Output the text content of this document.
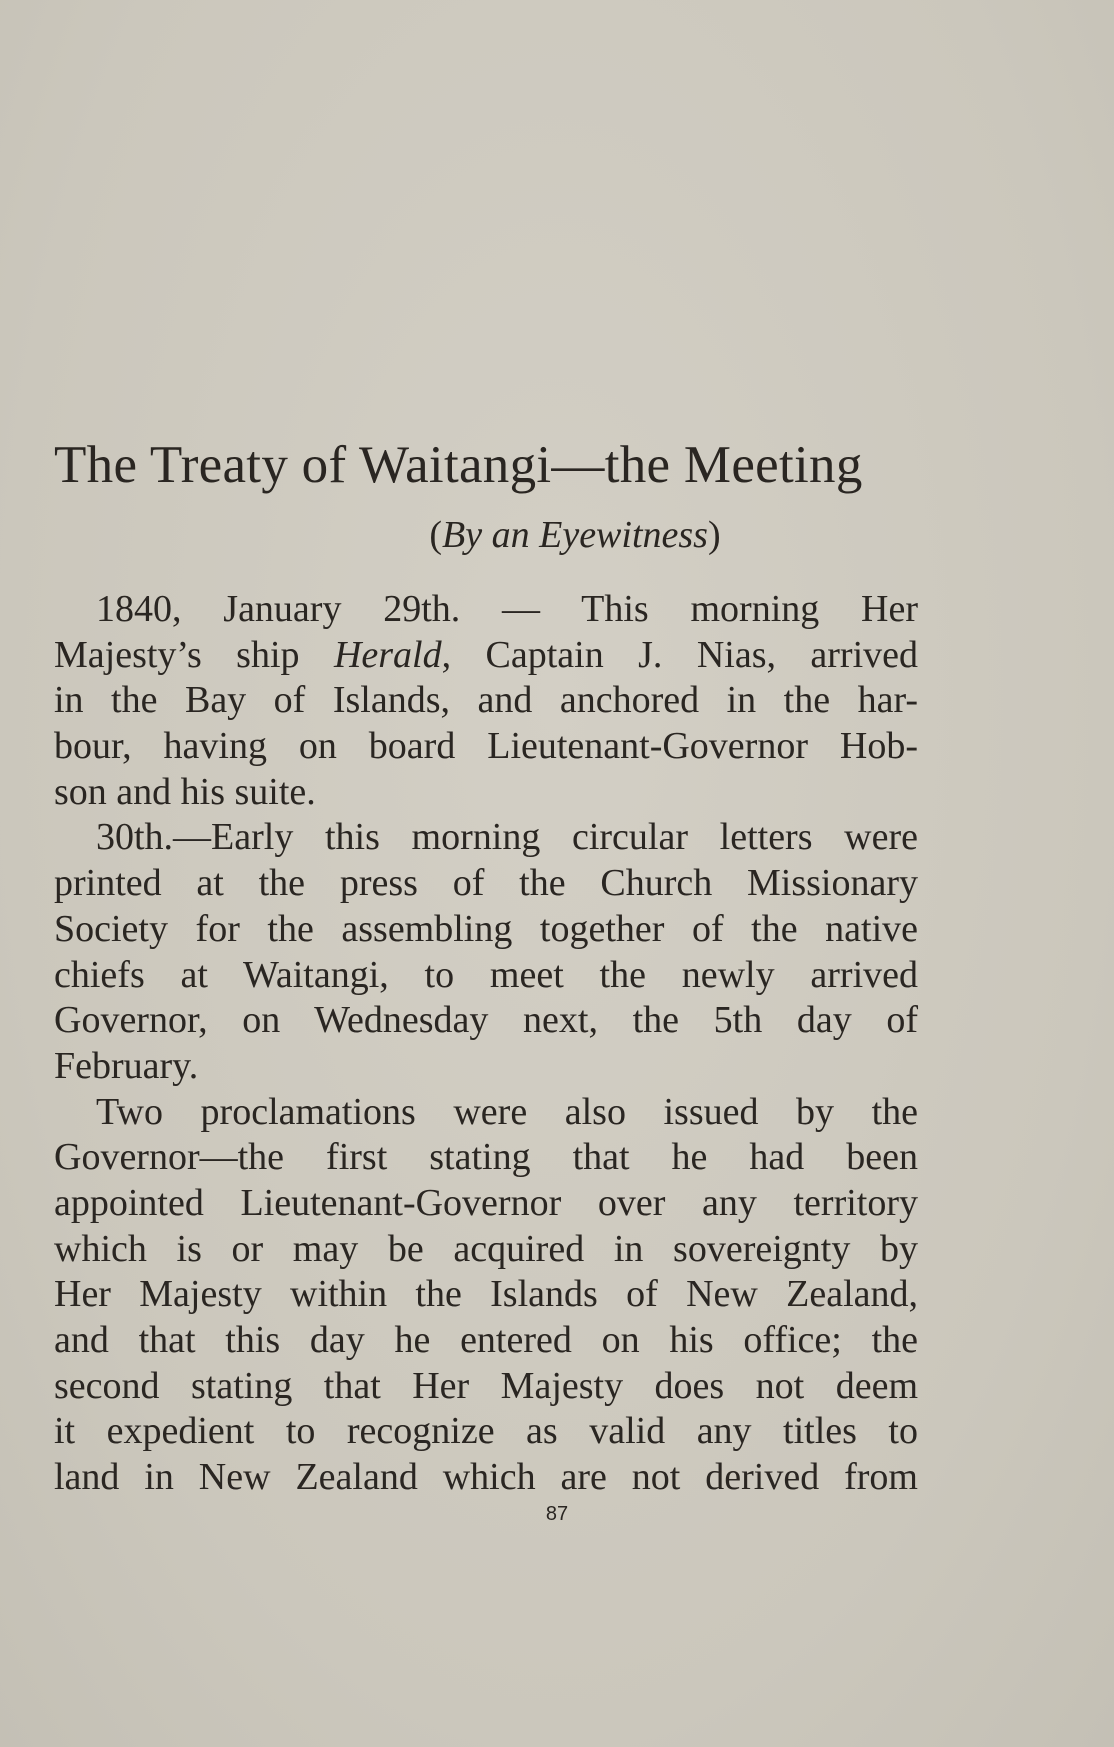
The Treaty of Waitangi—the Meeting
(By an Eyewitness)
1840, January 29th. — This morning Her
Majesty’s ship Herald, Captain J. Nias, arrived
in the Bay of Islands, and anchored in the har-
bour, having on board Lieutenant-Governor Hob-
son and his suite.
30th.—Early this morning circular letters were
printed at the press of the Church Missionary
Society for the assembling together of the native
chiefs at Waitangi, to meet the newly arrived
Governor, on Wednesday next, the 5th day of
February.
Two proclamations were also issued by the
Governor—the first stating that he had been
appointed Lieutenant-Governor over any territory
which is or may be acquired in sovereignty by
Her Majesty within the Islands of New Zealand,
and that this day he entered on his office; the
second stating that Her Majesty does not deem
it expedient to recognize as valid any titles to
land in New Zealand which are not derived from
87
